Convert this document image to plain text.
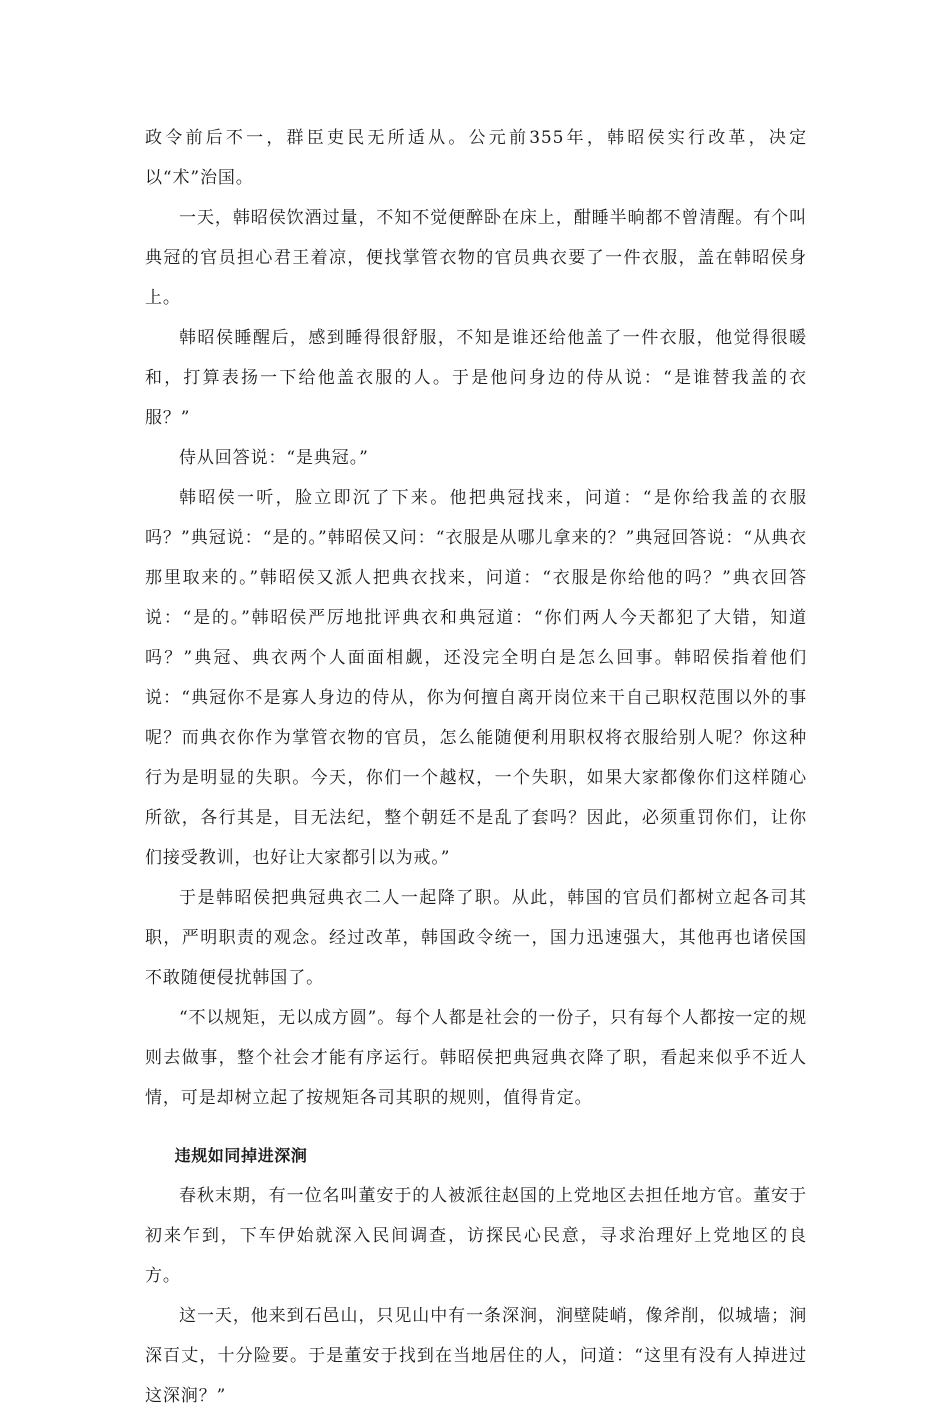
政令前后不一，群臣吏民无所适从。公元前355年，韩昭侯实行改革，决定以“术”治国。

一天，韩昭侯饮酒过量，不知不觉便醉卧在床上，酣睡半晌都不曾清醒。有个叫典冠的官员担心君王着凉，便找掌管衣物的官员典衣要了一件衣服，盖在韩昭侯身上。

韩昭侯睡醒后，感到睡得很舒服，不知是谁还给他盖了一件衣服，他觉得很暖和，打算表扬一下给他盖衣服的人。于是他问身边的侍从说：“是谁替我盖的衣服？”

侍从回答说：“是典冠。”

韩昭侯一听，脸立即沉了下来。他把典冠找来，问道：“是你给我盖的衣服吗？”典冠说：“是的。”韩昭侯又问：“衣服是从哪儿拿来的？”典冠回答说：“从典衣那里取来的。”韩昭侯又派人把典衣找来，问道：“衣服是你给他的吗？”典衣回答说：“是的。”韩昭侯严厉地批评典衣和典冠道：“你们两人今天都犯了大错，知道吗？”典冠、典衣两个人面面相觑，还没完全明白是怎么回事。韩昭侯指着他们说：“典冠你不是寡人身边的侍从，你为何擅自离开岗位来干自己职权范围以外的事呢？而典衣你作为掌管衣物的官员，怎么能随便利用职权将衣服给别人呢？你这种行为是明显的失职。今天，你们一个越权，一个失职，如果大家都像你们这样随心所欲，各行其是，目无法纪，整个朝廷不是乱了套吗？因此，必须重罚你们，让你们接受教训，也好让大家都引以为戒。”

于是韩昭侯把典冠典衣二人一起降了职。从此，韩国的官员们都树立起各司其职，严明职责的观念。经过改革，韩国政令统一，国力迅速强大，其他再也诸侯国不敢随便侵扰韩国了。

“不以规矩，无以成方圆”。每个人都是社会的一份子，只有每个人都按一定的规则去做事，整个社会才能有序运行。韩昭侯把典冠典衣降了职，看起来似乎不近人情，可是却树立起了按规矩各司其职的规则，值得肯定。

违规如同掉进深涧

春秋末期，有一位名叫董安于的人被派往赵国的上党地区去担任地方官。董安于初来乍到，下车伊始就深入民间调查，访探民心民意，寻求治理好上党地区的良方。

这一天，他来到石邑山，只见山中有一条深涧，涧壁陡峭，像斧削，似城墙；涧深百丈，十分险要。于是董安于找到在当地居住的人，问道：“这里有没有人掉进过这深涧？”
